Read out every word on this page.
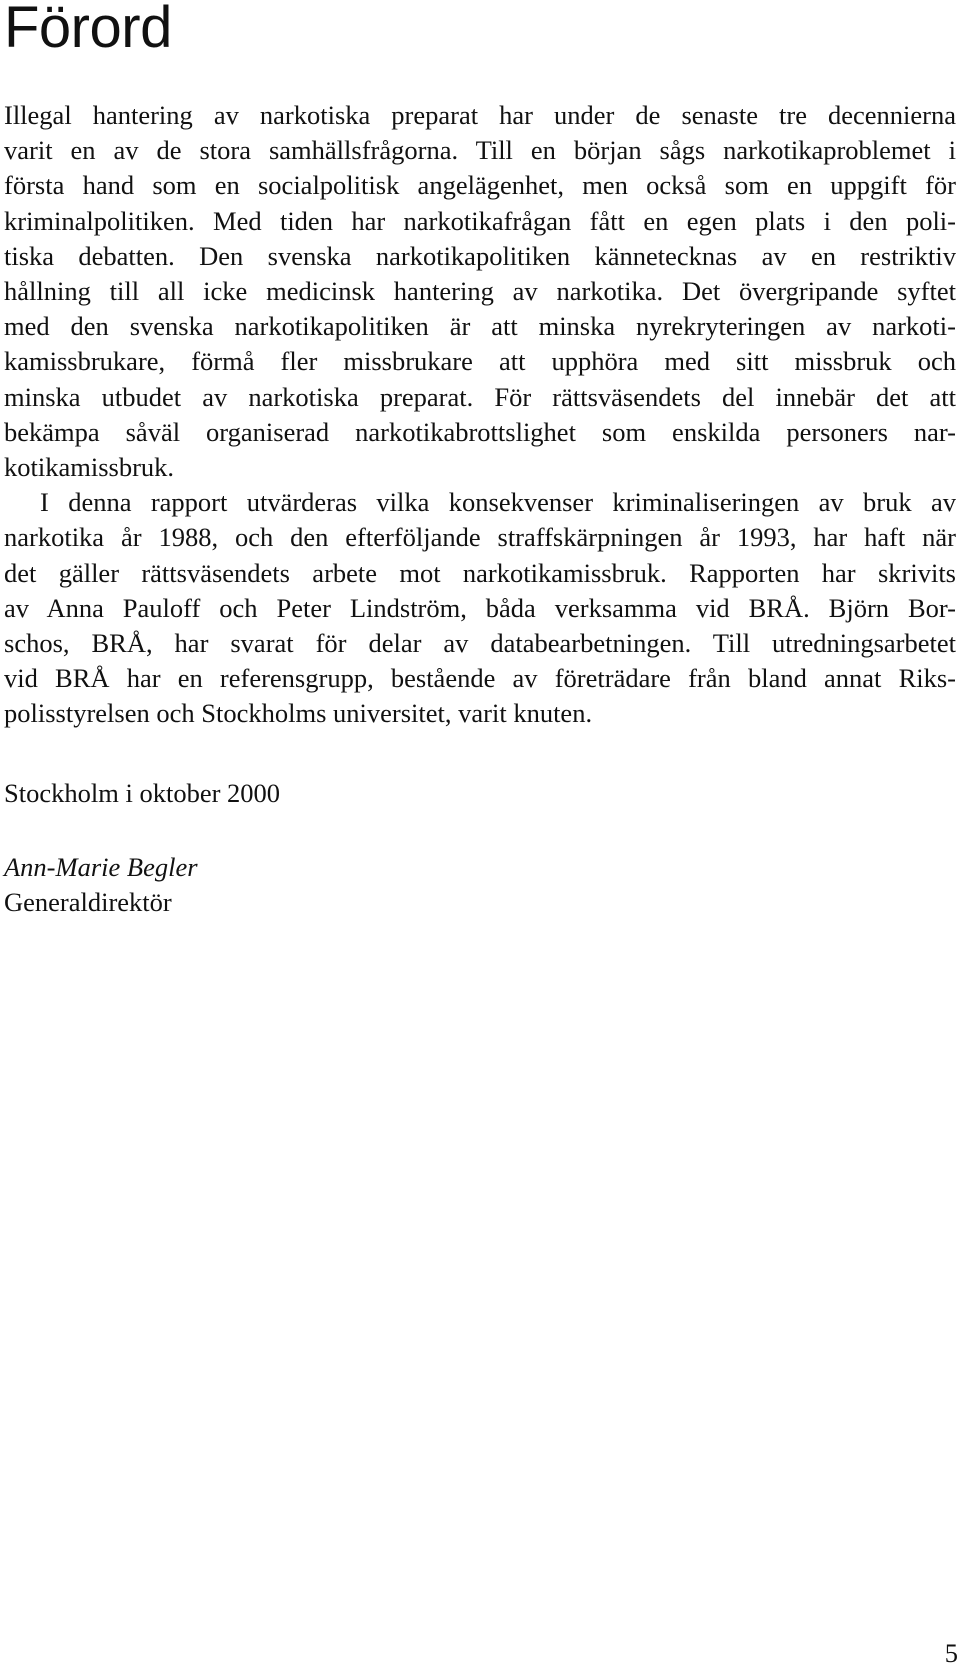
Förord

Illegal hantering av narkotiska preparat har under de senaste tre decennierna
varit en av de stora samhällsfrågorna. Till en början sågs narkotikaproblemet i
första hand som en socialpolitisk angelägenhet, men också som en uppgift för
kriminalpolitiken. Med tiden har narkotikafrågan fått en egen plats i den poli-
tiska debatten. Den svenska narkotikapolitiken kännetecknas av en restriktiv
hållning till all icke medicinsk hantering av narkotika. Det övergripande syftet
med den svenska narkotikapolitiken är att minska nyrekryteringen av narkoti-
kamissbrukare, förmå fler missbrukare att upphöra med sitt missbruk och
minska utbudet av narkotiska preparat. För rättsväsendets del innebär det att
bekämpa såväl organiserad narkotikabrottslighet som enskilda personers nar-
kotikamissbruk.

I denna rapport utvärderas vilka konsekvenser kriminaliseringen av bruk av
narkotika år 1988, och den efterföljande straffskärpningen år 1993, har haft när
det gäller rättsväsendets arbete mot narkotikamissbruk. Rapporten har skrivits
av Anna Pauloff och Peter Lindström, båda verksamma vid BRÅ. Björn Bor-
schos, BRÅ, har svarat för delar av databearbetningen. Till utredningsarbetet
vid BRÅ har en referensgrupp, bestående av företrädare från bland annat Riks-
polisstyrelsen och Stockholms universitet, varit knuten.

Stockholm i oktober 2000
Ann-Marie Begler
Generaldirektör
5
